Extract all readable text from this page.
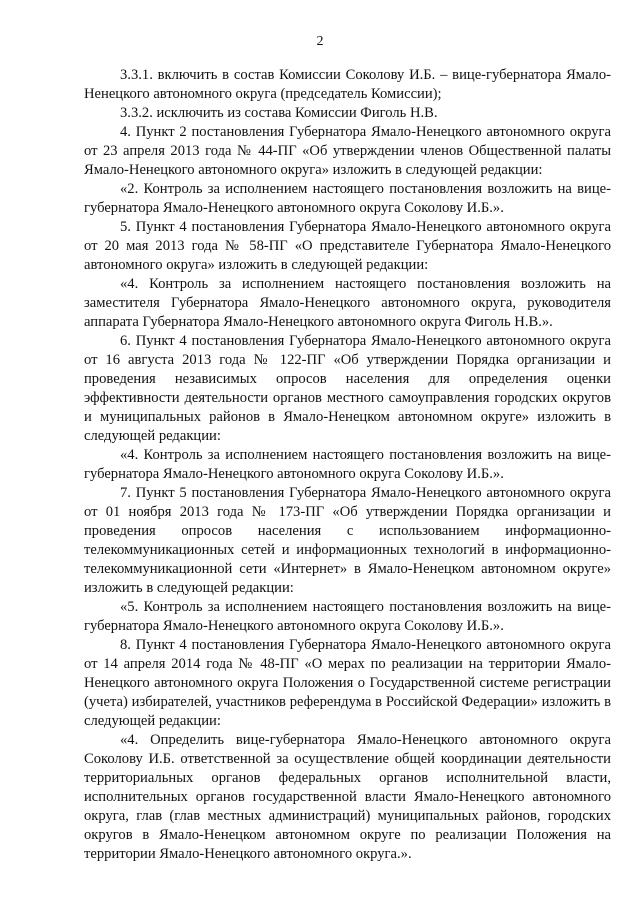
2

3.3.1. включить в состав Комиссии Соколову И.Б. – вице-губернатора Ямало-Ненецкого автономного округа (председатель Комиссии);

3.3.2. исключить из состава Комиссии Фиголь Н.В.

4. Пункт 2 постановления Губернатора Ямало-Ненецкого автономного округа от 23 апреля 2013 года № 44-ПГ «Об утверждении членов Общественной палаты Ямало-Ненецкого автономного округа» изложить в следующей редакции:

«2. Контроль за исполнением настоящего постановления возложить на вице-губернатора Ямало-Ненецкого автономного округа Соколову И.Б.».

5. Пункт 4 постановления Губернатора Ямало-Ненецкого автономного округа от 20 мая 2013 года № 58-ПГ «О представителе Губернатора Ямало-Ненецкого автономного округа» изложить в следующей редакции:

«4. Контроль за исполнением настоящего постановления возложить на заместителя Губернатора Ямало-Ненецкого автономного округа, руководителя аппарата Губернатора Ямало-Ненецкого автономного округа Фиголь Н.В.».

6. Пункт 4 постановления Губернатора Ямало-Ненецкого автономного округа от 16 августа 2013 года № 122-ПГ «Об утверждении Порядка организации и проведения независимых опросов населения для определения оценки эффективности деятельности органов местного самоуправления городских округов и муниципальных районов в Ямало-Ненецком автономном округе» изложить в следующей редакции:

«4. Контроль за исполнением настоящего постановления возложить на вице-губернатора Ямало-Ненецкого автономного округа Соколову И.Б.».

7. Пункт 5 постановления Губернатора Ямало-Ненецкого автономного округа от 01 ноября 2013 года № 173-ПГ «Об утверждении Порядка организации и проведения опросов населения с использованием информационно-телекоммуникационных сетей и информационных технологий в информационно-телекоммуникационной сети «Интернет» в Ямало-Ненецком автономном округе» изложить в следующей редакции:

«5. Контроль за исполнением настоящего постановления возложить на вице-губернатора Ямало-Ненецкого автономного округа Соколову И.Б.».

8. Пункт 4 постановления Губернатора Ямало-Ненецкого автономного округа от 14 апреля 2014 года № 48-ПГ «О мерах по реализации на территории Ямало-Ненецкого автономного округа Положения о Государственной системе регистрации (учета) избирателей, участников референдума в Российской Федерации» изложить в следующей редакции:

«4. Определить вице-губернатора Ямало-Ненецкого автономного округа Соколову И.Б. ответственной за осуществление общей координации деятельности территориальных органов федеральных органов исполнительной власти, исполнительных органов государственной власти Ямало-Ненецкого автономного округа, глав (глав местных администраций) муниципальных районов, городских округов в Ямало-Ненецком автономном округе по реализации Положения на территории Ямало-Ненецкого автономного округа.».
